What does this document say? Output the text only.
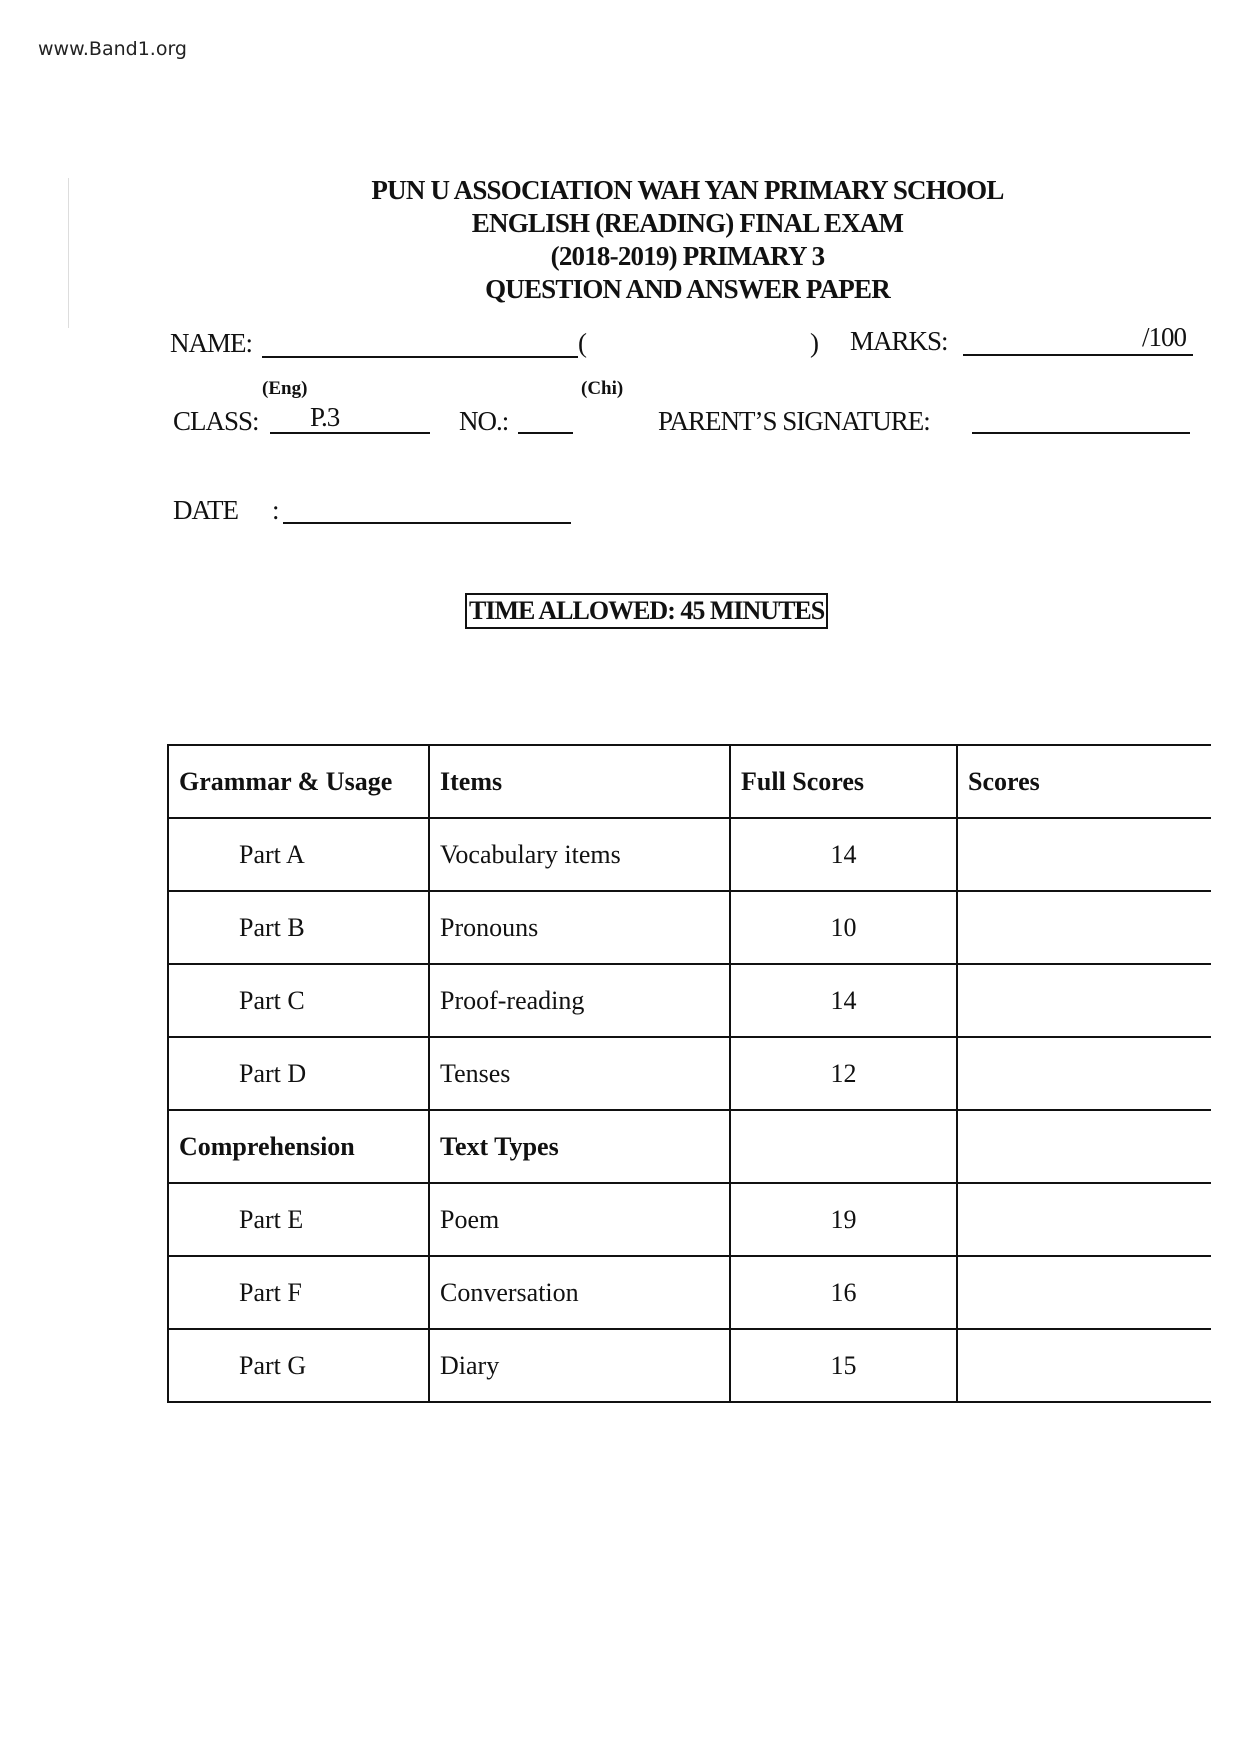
www.Band1.org
PUN U ASSOCIATION WAH YAN PRIMARY SCHOOL
ENGLISH (READING) FINAL EXAM
(2018-2019) PRIMARY 3
QUESTION AND ANSWER PAPER
NAME:	(	) MARKS:	/100
(Eng)	(Chi)
CLASS: P.3	NO.:	PARENT’S SIGNATURE:
DATE :
TIME ALLOWED: 45 MINUTES
Grammar & Usage	Items	Full Scores	Scores
Part A	Vocabulary items	14	
Part B	Pronouns	10	
Part C	Proof-reading	14	
Part D	Tenses	12	
Comprehension	Text Types		
Part E	Poem	19	
Part F	Conversation	16	
Part G	Diary	15	
